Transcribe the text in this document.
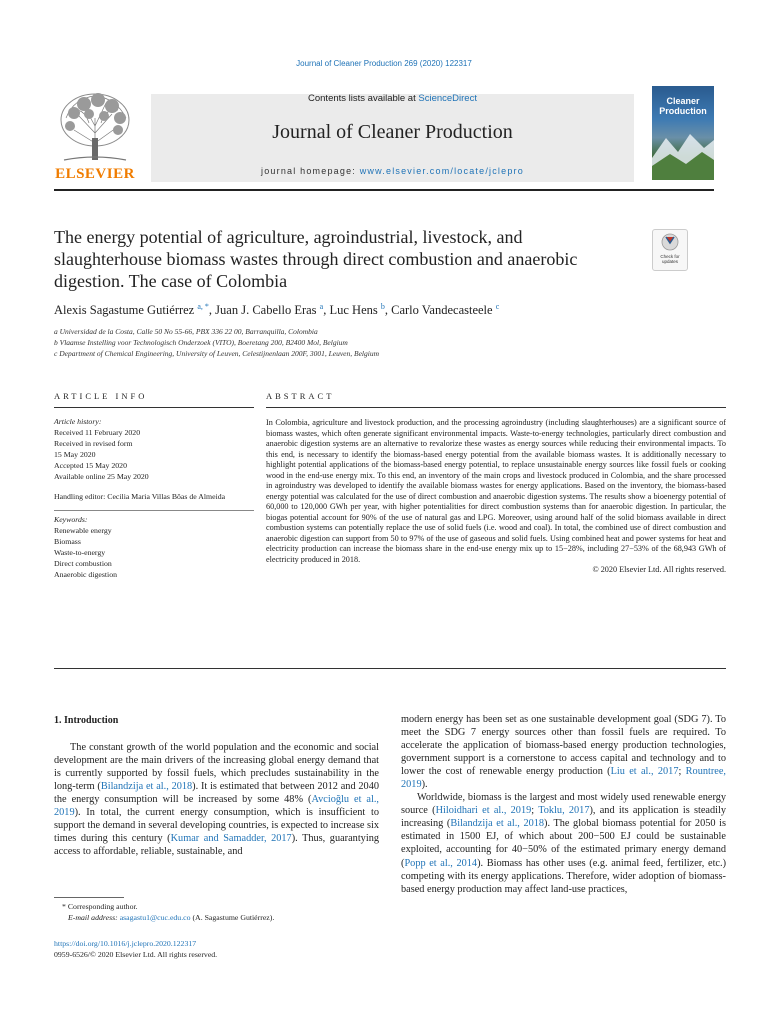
Journal of Cleaner Production 269 (2020) 122317
ELSEVIER
Contents lists available at ScienceDirect
Journal of Cleaner Production
journal homepage: www.elsevier.com/locate/jclepro
Cleaner
Production
The energy potential of agriculture, agroindustrial, livestock, and slaughterhouse biomass wastes through direct combustion and anaerobic digestion. The case of Colombia
Check for updates
Alexis Sagastume Gutiérrez $^{a, *}$, Juan J. Cabello Eras $^a$, Luc Hens $^b$, Carlo Vandecasteele $^c$
a Universidad de la Costa, Calle 50 No 55-66, PBX 336 22 00, Barranquilla, Colombia
b Vlaamse Instelling voor Technologisch Onderzoek (VITO), Boeretang 200, B2400 Mol, Belgium
c Department of Chemical Engineering, University of Leuven, Celestijnenlaan 200F, 3001, Leuven, Belgium
ARTICLE INFO	ABSTRACT
Article history:
Received 11 February 2020
Received in revised form
15 May 2020
Accepted 15 May 2020
Available online 25 May 2020
Handling editor: Cecilia Maria Villas Bôas de Almeida
Keywords:
Renewable energy
Biomass
Waste-to-energy
Direct combustion
Anaerobic digestion
In Colombia, agriculture and livestock production, and the processing agroindustry (including slaughterhouses) are a significant source of biomass wastes, which often generate significant environmental impacts. Waste-to-energy technologies, particularly direct combustion and anaerobic digestion systems are an alternative to revalorize these wastes as energy sources while reducing their environmental impacts. To this end, is necessary to identify the biomass-based energy potential from the available biomass wastes. It is additionally necessary to highlight potential applications of the biomass-based energy potential, to replace unsustainable energy sources like fossil fuels or cooking wood in the end-use energy mix. To this end, an inventory of the main crops and livestock produced in Colombia, and the share processed in agroindustry was developed to identify the available biomass wastes for energy applications. Based on the inventory, the biomass-based energy potential was calculated for the use of direct combustion and anaerobic digestion systems. The results show a bioenergy potential of 60,000 to 120,000 GWh per year, with higher potentialities for direct combustion systems than for anaerobic digestion. In particular, the biogas potential account for 90% of the use of natural gas and LPG. Moreover, using around half of the solid biomass available in direct combustion systems can potentially replace the use of solid fuels (i.e. wood and coal). In total, the combined use of direct combustion and anaerobic digestion can support from 50 to 97% of the use of gaseous and solid fuels. Using combined heat and power systems for heat and electricity production can increase the biomass share in the end-use energy mix up to 15−28%, including 27−53% of the 68,943 GWh of electricity produced in 2018.
© 2020 Elsevier Ltd. All rights reserved.
1. Introduction
The constant growth of the world population and the economic and social development are the main drivers of the increasing global energy demand that is currently supported by fossil fuels, which precludes sustainability in the long-term (Bilandzija et al., 2018). It is estimated that between 2012 and 2040 the energy consumption will be increased by some 48% (Avcioğlu et al., 2019). In total, the current energy consumption, which is insufficient to support the demand in several developing countries, is expected to increase six times during this century (Kumar and Samadder, 2017). Thus, guarantying access to affordable, reliable, sustainable, and
modern energy has been set as one sustainable development goal (SDG 7). To meet the SDG 7 energy sources other than fossil fuels are required. To accelerate the application of biomass-based energy production technologies, government support is a cornerstone to access capital and technology and to lower the cost of renewable energy production (Liu et al., 2017; Rountree, 2019).
Worldwide, biomass is the largest and most widely used renewable energy source (Hiloidhari et al., 2019; Toklu, 2017), and its application is steadily increasing (Bilandzija et al., 2018). The global biomass potential for 2050 is estimated in 1500 EJ, of which about 200−500 EJ could be sustainable exploited, accounting for 40−50% of the estimated primary energy demand (Popp et al., 2014). Biomass has other uses (e.g. animal feed, fertilizer, etc.) competing with its energy applications. Therefore, wider adoption of biomass-based energy production may affect land-use practices,
* Corresponding author.
E-mail address: asagastu1@cuc.edu.co (A. Sagastume Gutiérrez).
https://doi.org/10.1016/j.jclepro.2020.122317
0959-6526/© 2020 Elsevier Ltd. All rights reserved.
